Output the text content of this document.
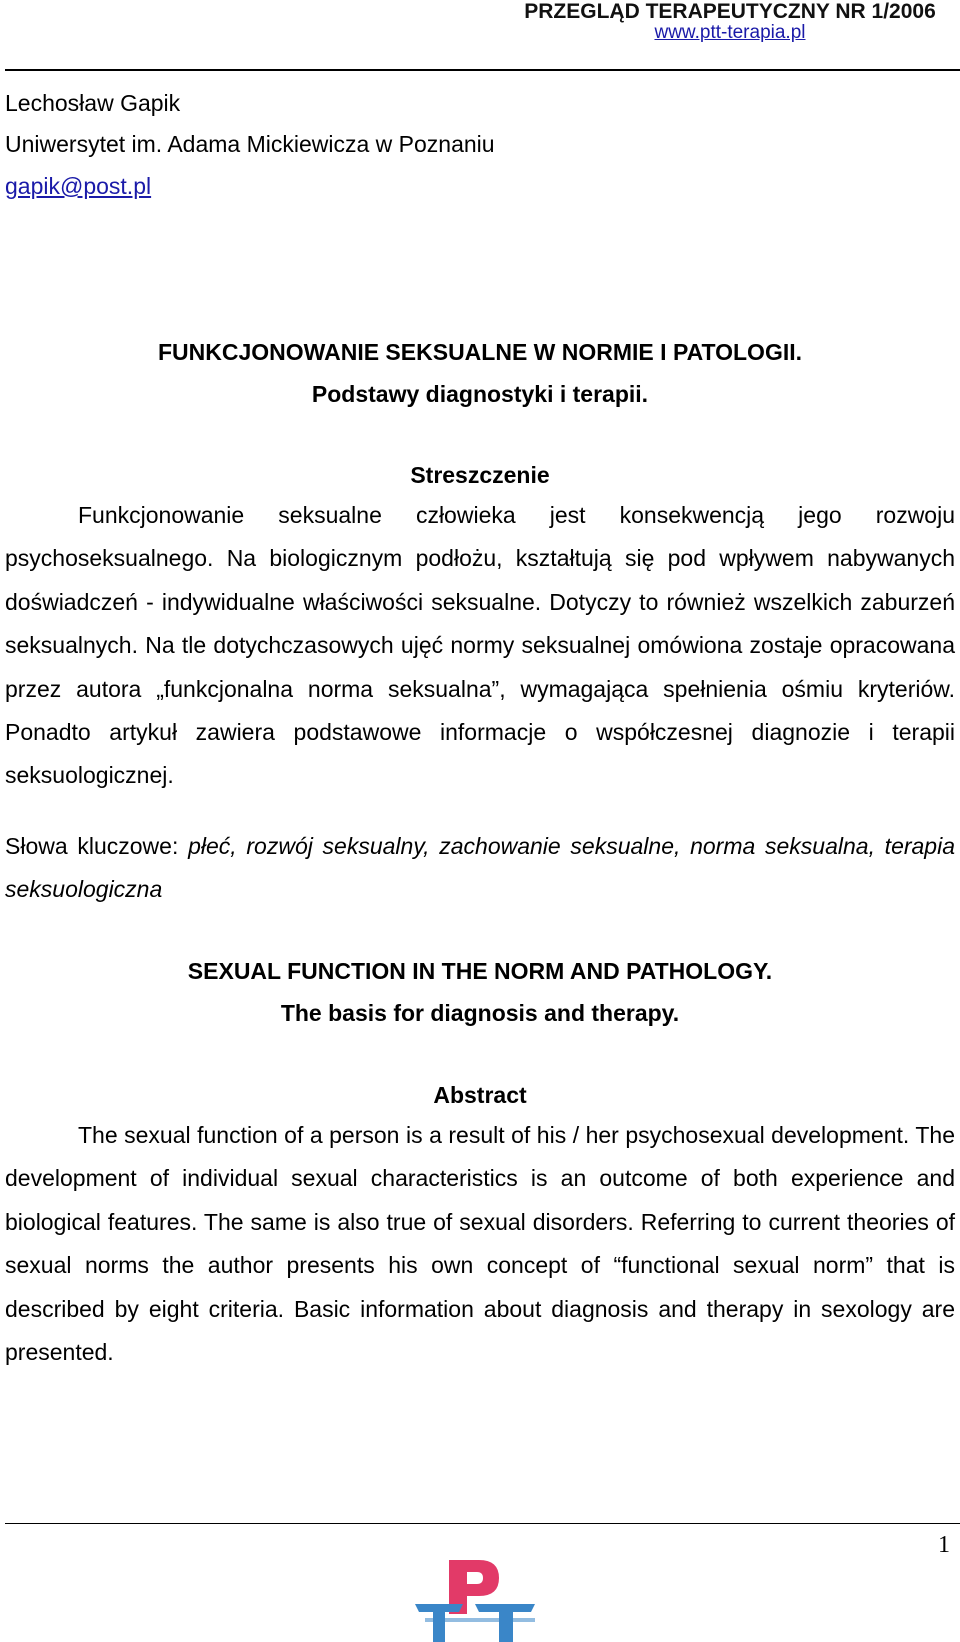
PRZEGLĄD TERAPEUTYCZNY NR 1/2006
www.ptt-terapia.pl
Lechosław Gapik
Uniwersytet im. Adama Mickiewicza w Poznaniu
gapik@post.pl
FUNKCJONOWANIE SEKSUALNE W NORMIE I PATOLOGII.
Podstawy diagnostyki i terapii.
Streszczenie
Funkcjonowanie seksualne człowieka jest konsekwencją jego rozwoju psychoseksualnego. Na biologicznym podłożu, kształtują się pod wpływem nabywanych doświadczeń - indywidualne właściwości seksualne. Dotyczy to również wszelkich zaburzeń seksualnych. Na tle dotychczasowych ujęć normy seksualnej omówiona zostaje opracowana przez autora „funkcjonalna norma seksualna”, wymagająca spełnienia ośmiu kryteriów. Ponadto artykuł zawiera podstawowe informacje o współczesnej diagnozie i terapii seksuologicznej.
Słowa kluczowe: płeć, rozwój seksualny, zachowanie seksualne, norma seksualna, terapia seksuologiczna
SEXUAL FUNCTION IN THE NORM AND PATHOLOGY.
The basis for diagnosis and therapy.
Abstract
The sexual function of a person is a result of his / her psychosexual development. The development of individual sexual characteristics is an outcome of both experience and biological features. The same is also true of sexual disorders. Referring to current theories of sexual norms the author presents his own concept of “functional sexual norm” that is described by eight criteria. Basic information about diagnosis and therapy in sexology are presented.
1
